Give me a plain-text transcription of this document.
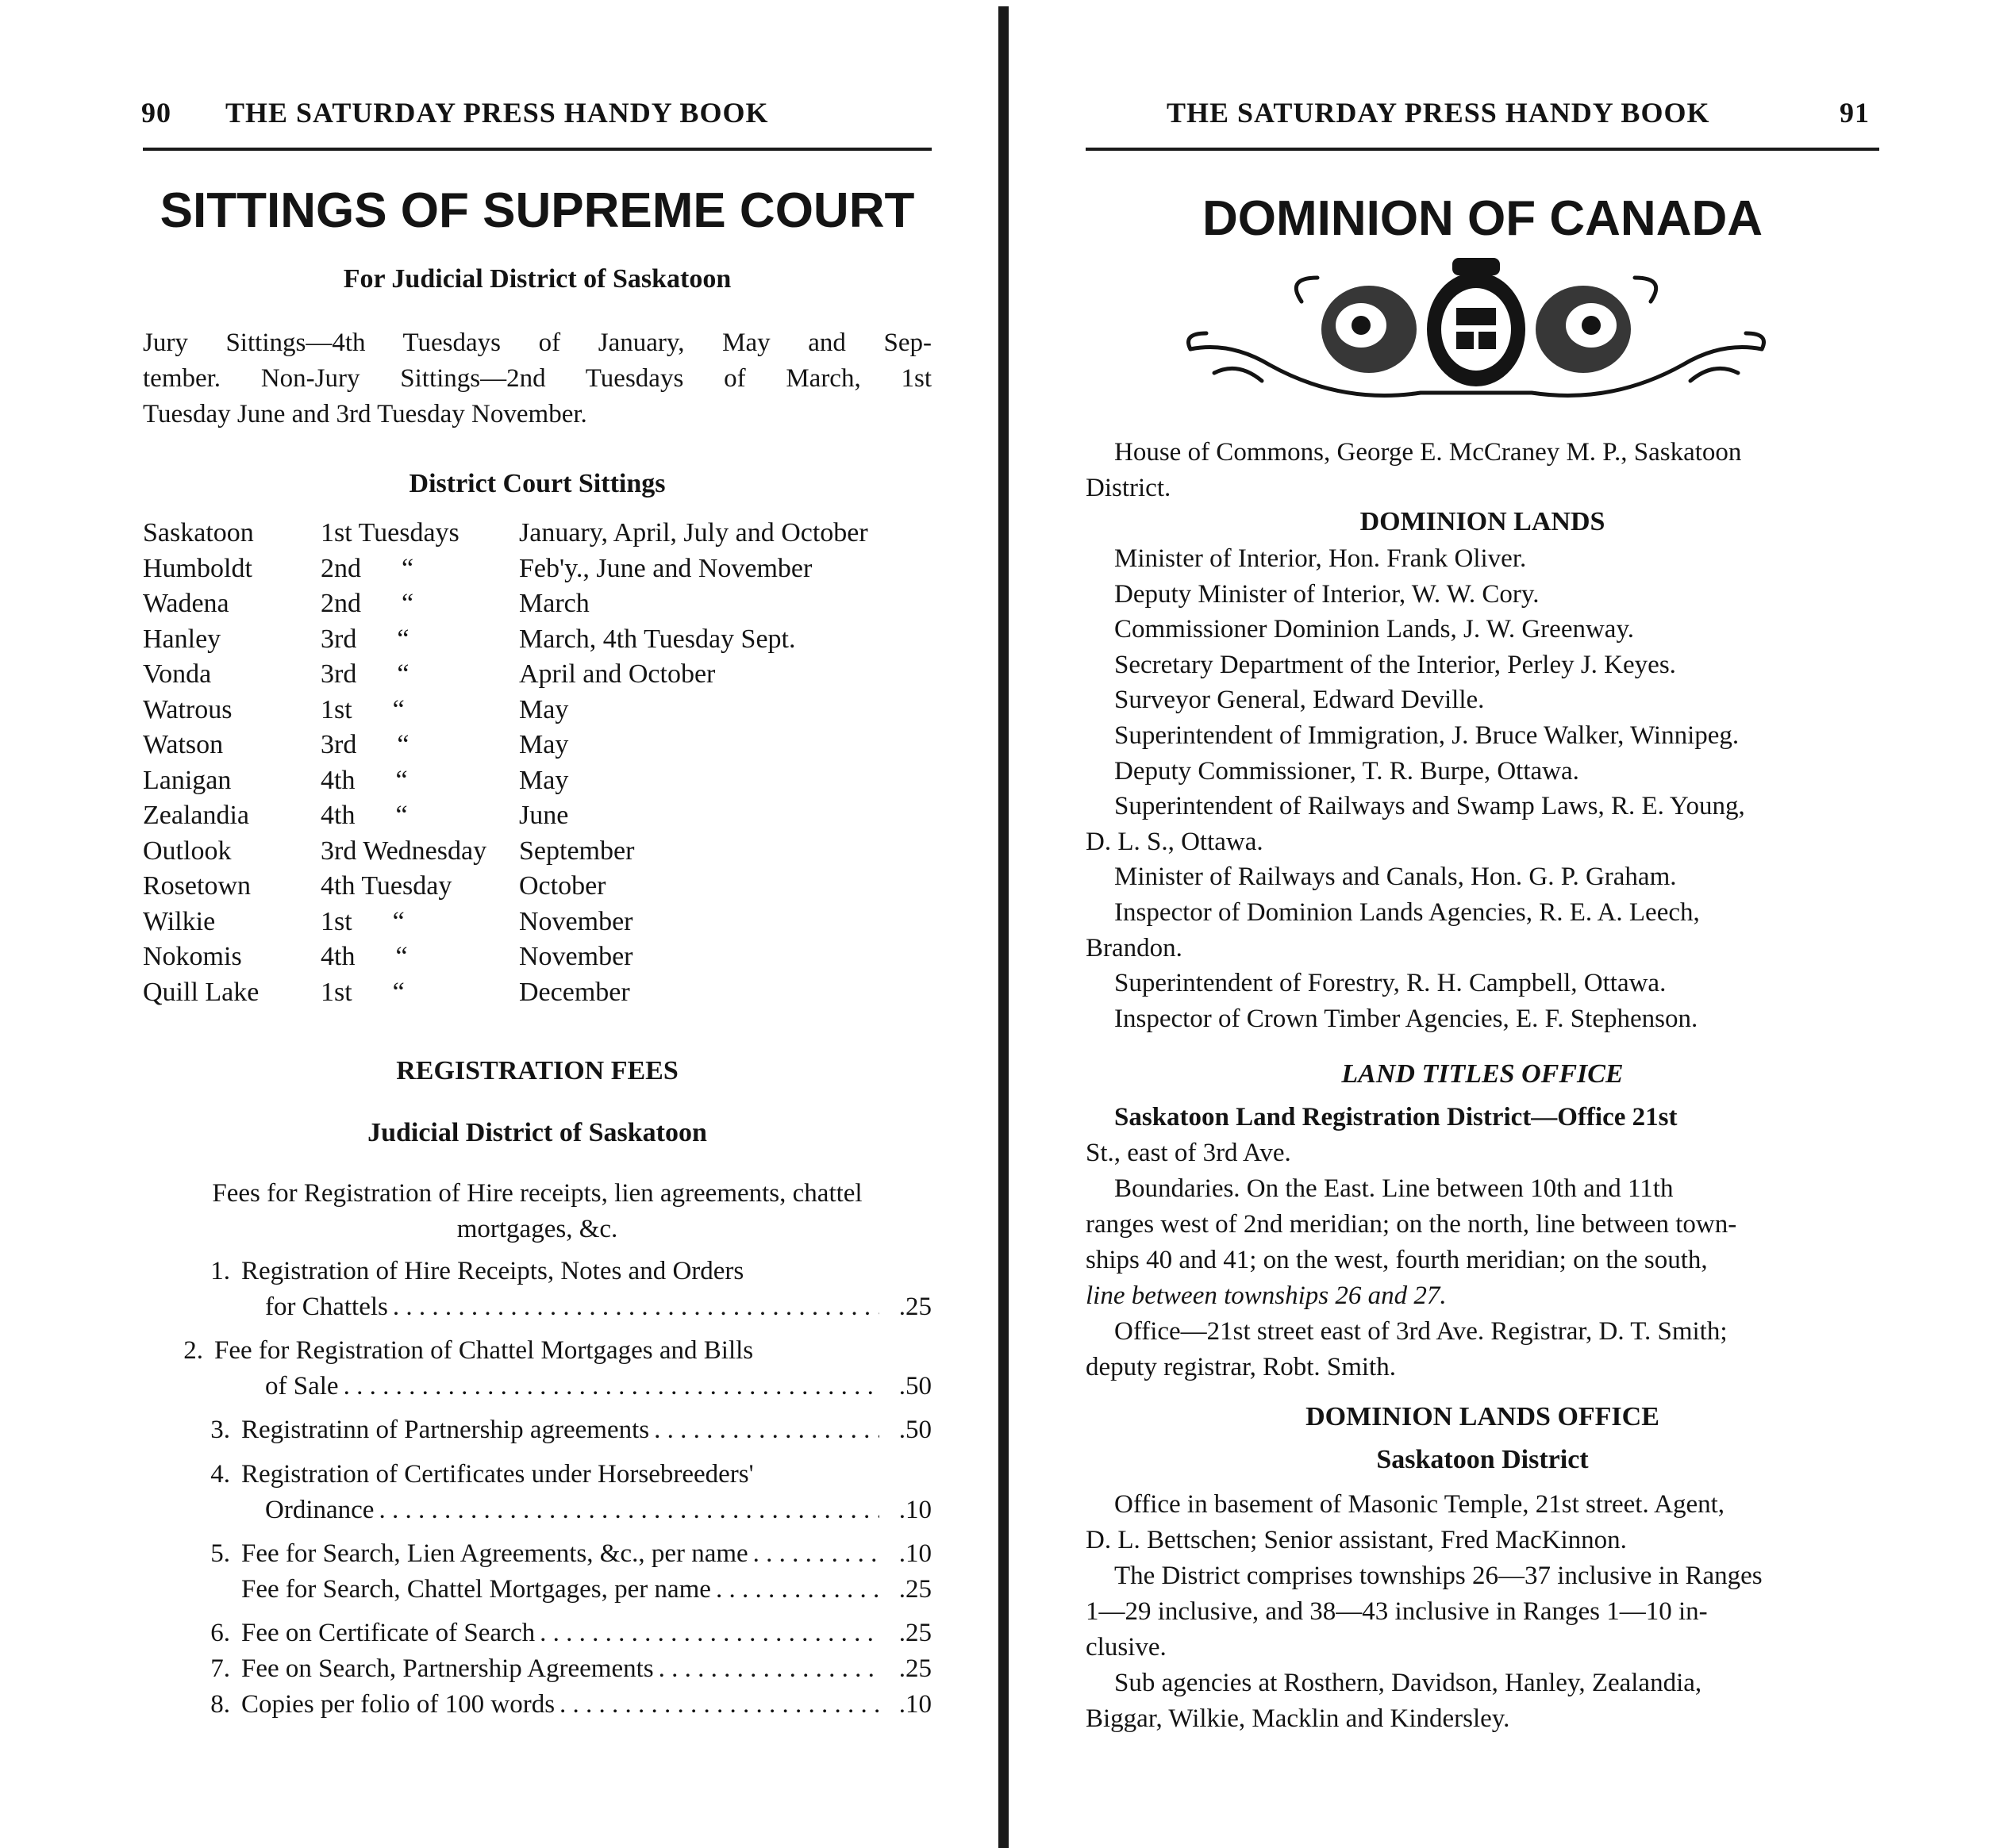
90 THE SATURDAY PRESS HANDY BOOK
SITTINGS OF SUPREME COURT
For Judicial District of Saskatoon
Jury Sittings—4th Tuesdays of January, May and Sep-
tember. Non-Jury Sittings—2nd Tuesdays of March, 1st
Tuesday June and 3rd Tuesday November.
District Court Sittings
Saskatoon	1st Tuesdays	January, April, July and October
Humboldt	2nd      “	Feb'y., June and November
Wadena	2nd      “	March
Hanley	3rd      “	March, 4th Tuesday Sept.
Vonda	3rd      “	April and October
Watrous	1st      “	May
Watson	3rd      “	May
Lanigan	4th      “	May
Zealandia	4th      “	June
Outlook	3rd Wednesday	September
Rosetown	4th Tuesday	October
Wilkie	1st      “	November
Nokomis	4th      “	November
Quill Lake	1st      “	December
REGISTRATION FEES
Judicial District of Saskatoon
Fees for Registration of Hire receipts, lien agreements, chattel
mortgages, &c.
1. Registration of Hire Receipts, Notes and Orders
for Chattels . . .	.25
2. Fee for Registration of Chattel Mortgages and Bills
of Sale . . .	.50
3. Registratinn of Partnership agreements . . .	.50
4. Registration of Certificates under Horsebreeders'
Ordinance . . .	.10
5. Fee for Search, Lien Agreements, &c., per name . . .	.10
Fee for Search, Chattel Mortgages, per name . . .	.25
6. Fee on Certificate of Search . . .	.25
7. Fee on Search, Partnership Agreements . . .	.25
8. Copies per folio of 100 words . . .	.10
THE SATURDAY PRESS HANDY BOOK	91
DOMINION OF CANADA
House of Commons, George E. McCraney M. P., Saskatoon
District.
DOMINION LANDS
Minister of Interior, Hon. Frank Oliver.
Deputy Minister of Interior, W. W. Cory.
Commissioner Dominion Lands, J. W. Greenway.
Secretary Department of the Interior, Perley J. Keyes.
Surveyor General, Edward Deville.
Superintendent of Immigration, J. Bruce Walker, Winnipeg.
Deputy Commissioner, T. R. Burpe, Ottawa.
Superintendent of Railways and Swamp Laws, R. E. Young,
D. L. S., Ottawa.
Minister of Railways and Canals, Hon. G. P. Graham.
Inspector of Dominion Lands Agencies, R. E. A. Leech,
Brandon.
Superintendent of Forestry, R. H. Campbell, Ottawa.
Inspector of Crown Timber Agencies, E. F. Stephenson.
LAND TITLES OFFICE
Saskatoon Land Registration District—Office 21st
St., east of 3rd Ave.
Boundaries. On the East. Line between 10th and 11th
ranges west of 2nd meridian; on the north, line between town-
ships 40 and 41; on the west, fourth meridian; on the south,
line between townships 26 and 27.
Office—21st street east of 3rd Ave. Registrar, D. T. Smith;
deputy registrar, Robt. Smith.
DOMINION LANDS OFFICE
Saskatoon District
Office in basement of Masonic Temple, 21st street. Agent,
D. L. Bettschen; Senior assistant, Fred MacKinnon.
The District comprises townships 26—37 inclusive in Ranges
1—29 inclusive, and 38—43 inclusive in Ranges 1—10 in-
clusive.
Sub agencies at Rosthern, Davidson, Hanley, Zealandia,
Biggar, Wilkie, Macklin and Kindersley.
